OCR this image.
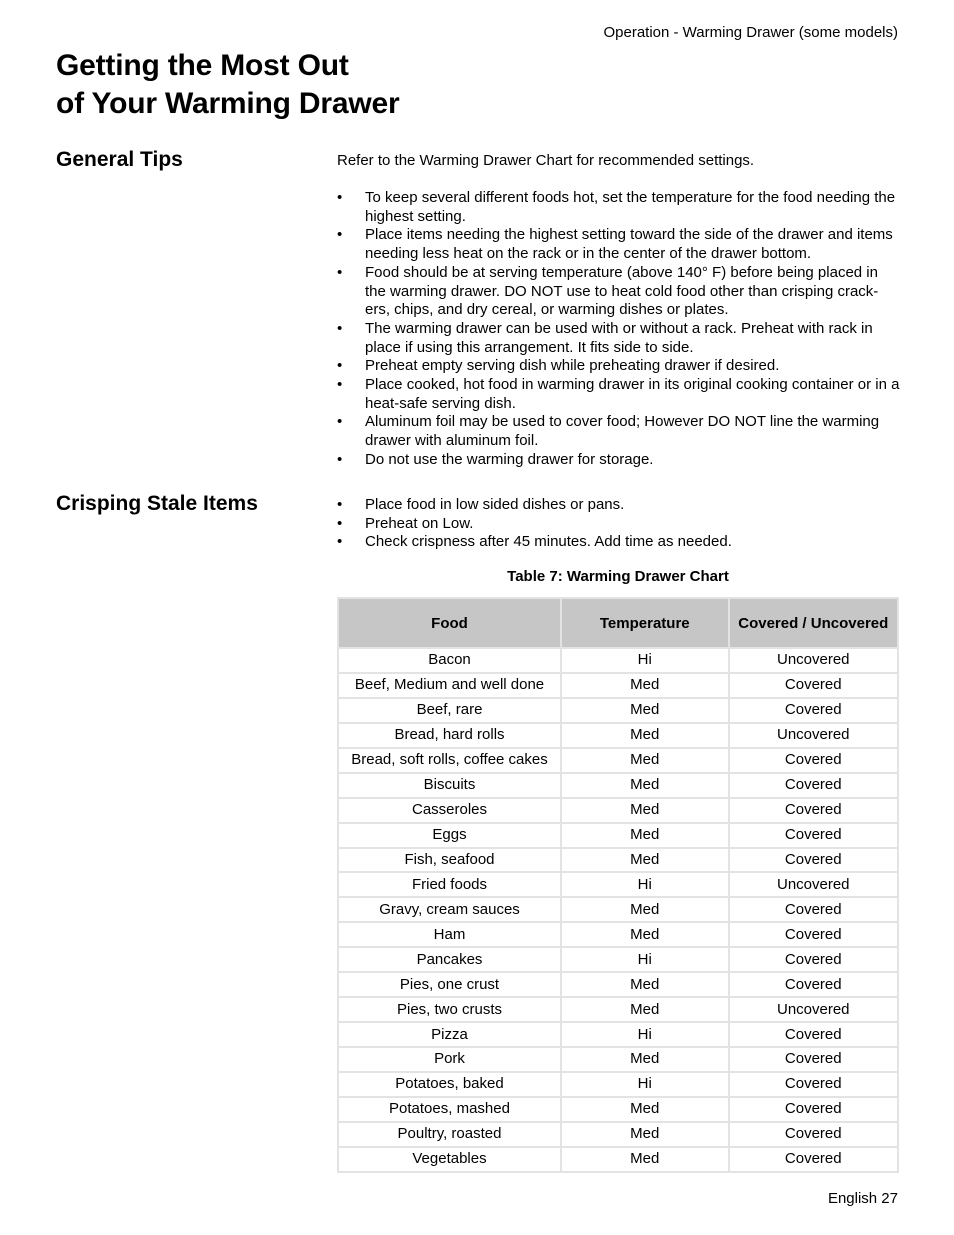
Operation - Warming Drawer (some models)
Getting the Most Out
of Your Warming Drawer
General Tips	Refer to the Warming Drawer Chart for recommended settings.

• To keep several different foods hot, set the temperature for the food needing the highest setting.
• Place items needing the highest setting toward the side of the drawer and items needing less heat on the rack or in the center of the drawer bottom.
• Food should be at serving temperature (above 140° F) before being placed in the warming drawer. DO NOT use to heat cold food other than crisping crack-ers, chips, and dry cereal, or warming dishes or plates.
• The warming drawer can be used with or without a rack. Preheat with rack in place if using this arrangement. It fits side to side.
• Preheat empty serving dish while preheating drawer if desired.
• Place cooked, hot food in warming drawer in its original cooking container or in a heat-safe serving dish.
• Aluminum foil may be used to cover food; However DO NOT line the warming drawer with aluminum foil.
• Do not use the warming drawer for storage.
Crisping Stale Items	• Place food in low sided dishes or pans.
• Preheat on Low.
• Check crispness after 45 minutes. Add time as needed.
Table 7: Warming Drawer Chart
Food	Temperature	Covered / Uncovered
Bacon	Hi	Uncovered
Beef, Medium and well done	Med	Covered
Beef, rare	Med	Covered
Bread, hard rolls	Med	Uncovered
Bread, soft rolls, coffee cakes	Med	Covered
Biscuits	Med	Covered
Casseroles	Med	Covered
Eggs	Med	Covered
Fish, seafood	Med	Covered
Fried foods	Hi	Uncovered
Gravy, cream sauces	Med	Covered
Ham	Med	Covered
Pancakes	Hi	Covered
Pies, one crust	Med	Covered
Pies, two crusts	Med	Uncovered
Pizza	Hi	Covered
Pork	Med	Covered
Potatoes, baked	Hi	Covered
Potatoes, mashed	Med	Covered
Poultry, roasted	Med	Covered
Vegetables	Med	Covered
English 27
